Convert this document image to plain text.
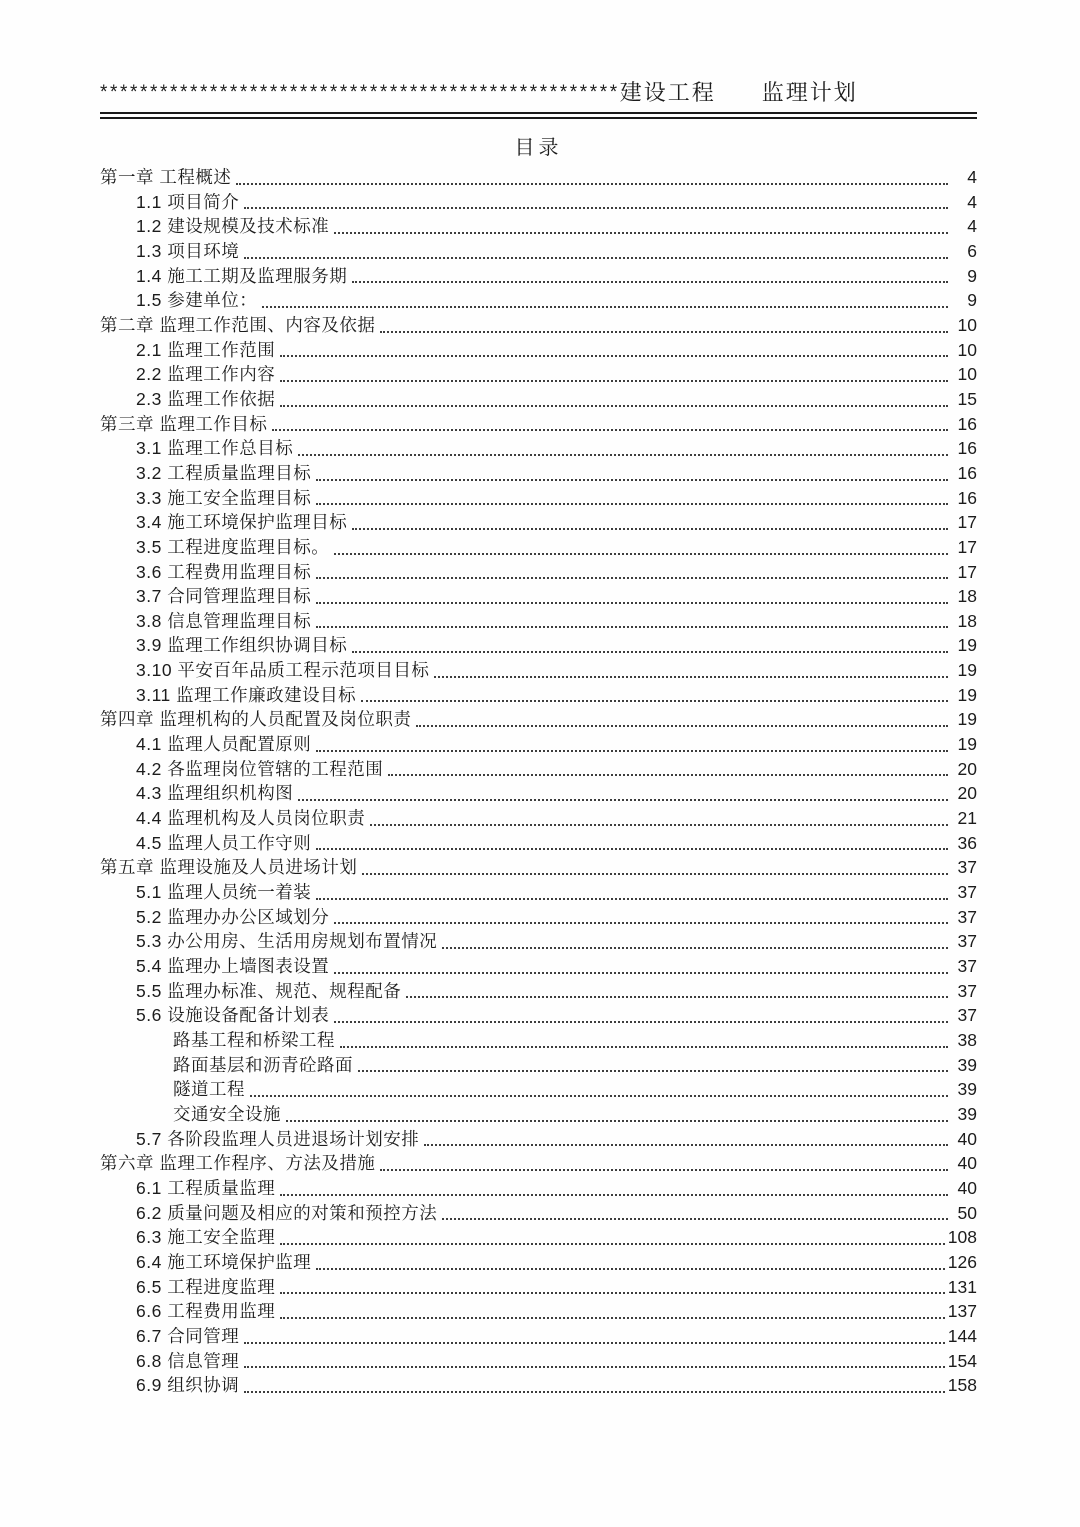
**************************************************** 建设工程 监理计划
目录
第一章 工程概述	4
1.1 项目简介	4
1.2 建设规模及技术标准	4
1.3 项目环境	6
1.4 施工工期及监理服务期	9
1.5 参建单位：	9
第二章 监理工作范围、内容及依据	10
2.1 监理工作范围	10
2.2 监理工作内容	10
2.3 监理工作依据	15
第三章 监理工作目标	16
3.1 监理工作总目标	16
3.2 工程质量监理目标	16
3.3 施工安全监理目标	16
3.4 施工环境保护监理目标	17
3.5 工程进度监理目标。	17
3.6 工程费用监理目标	17
3.7 合同管理监理目标	18
3.8 信息管理监理目标	18
3.9 监理工作组织协调目标	19
3.10 平安百年品质工程示范项目目标	19
3.11 监理工作廉政建设目标	19
第四章 监理机构的人员配置及岗位职责	19
4.1 监理人员配置原则	19
4.2 各监理岗位管辖的工程范围	20
4.3 监理组织机构图	20
4.4 监理机构及人员岗位职责	21
4.5 监理人员工作守则	36
第五章 监理设施及人员进场计划	37
5.1 监理人员统一着装	37
5.2 监理办办公区域划分	37
5.3 办公用房、生活用房规划布置情况	37
5.4 监理办上墙图表设置	37
5.5 监理办标准、规范、规程配备	37
5.6 设施设备配备计划表	37
路基工程和桥梁工程	38
路面基层和沥青砼路面	39
隧道工程	39
交通安全设施	39
5.7 各阶段监理人员进退场计划安排	40
第六章 监理工作程序、方法及措施	40
6.1 工程质量监理	40
6.2 质量问题及相应的对策和预控方法	50
6.3 施工安全监理	108
6.4 施工环境保护监理	126
6.5 工程进度监理	131
6.6 工程费用监理	137
6.7 合同管理	144
6.8 信息管理	154
6.9 组织协调	158
